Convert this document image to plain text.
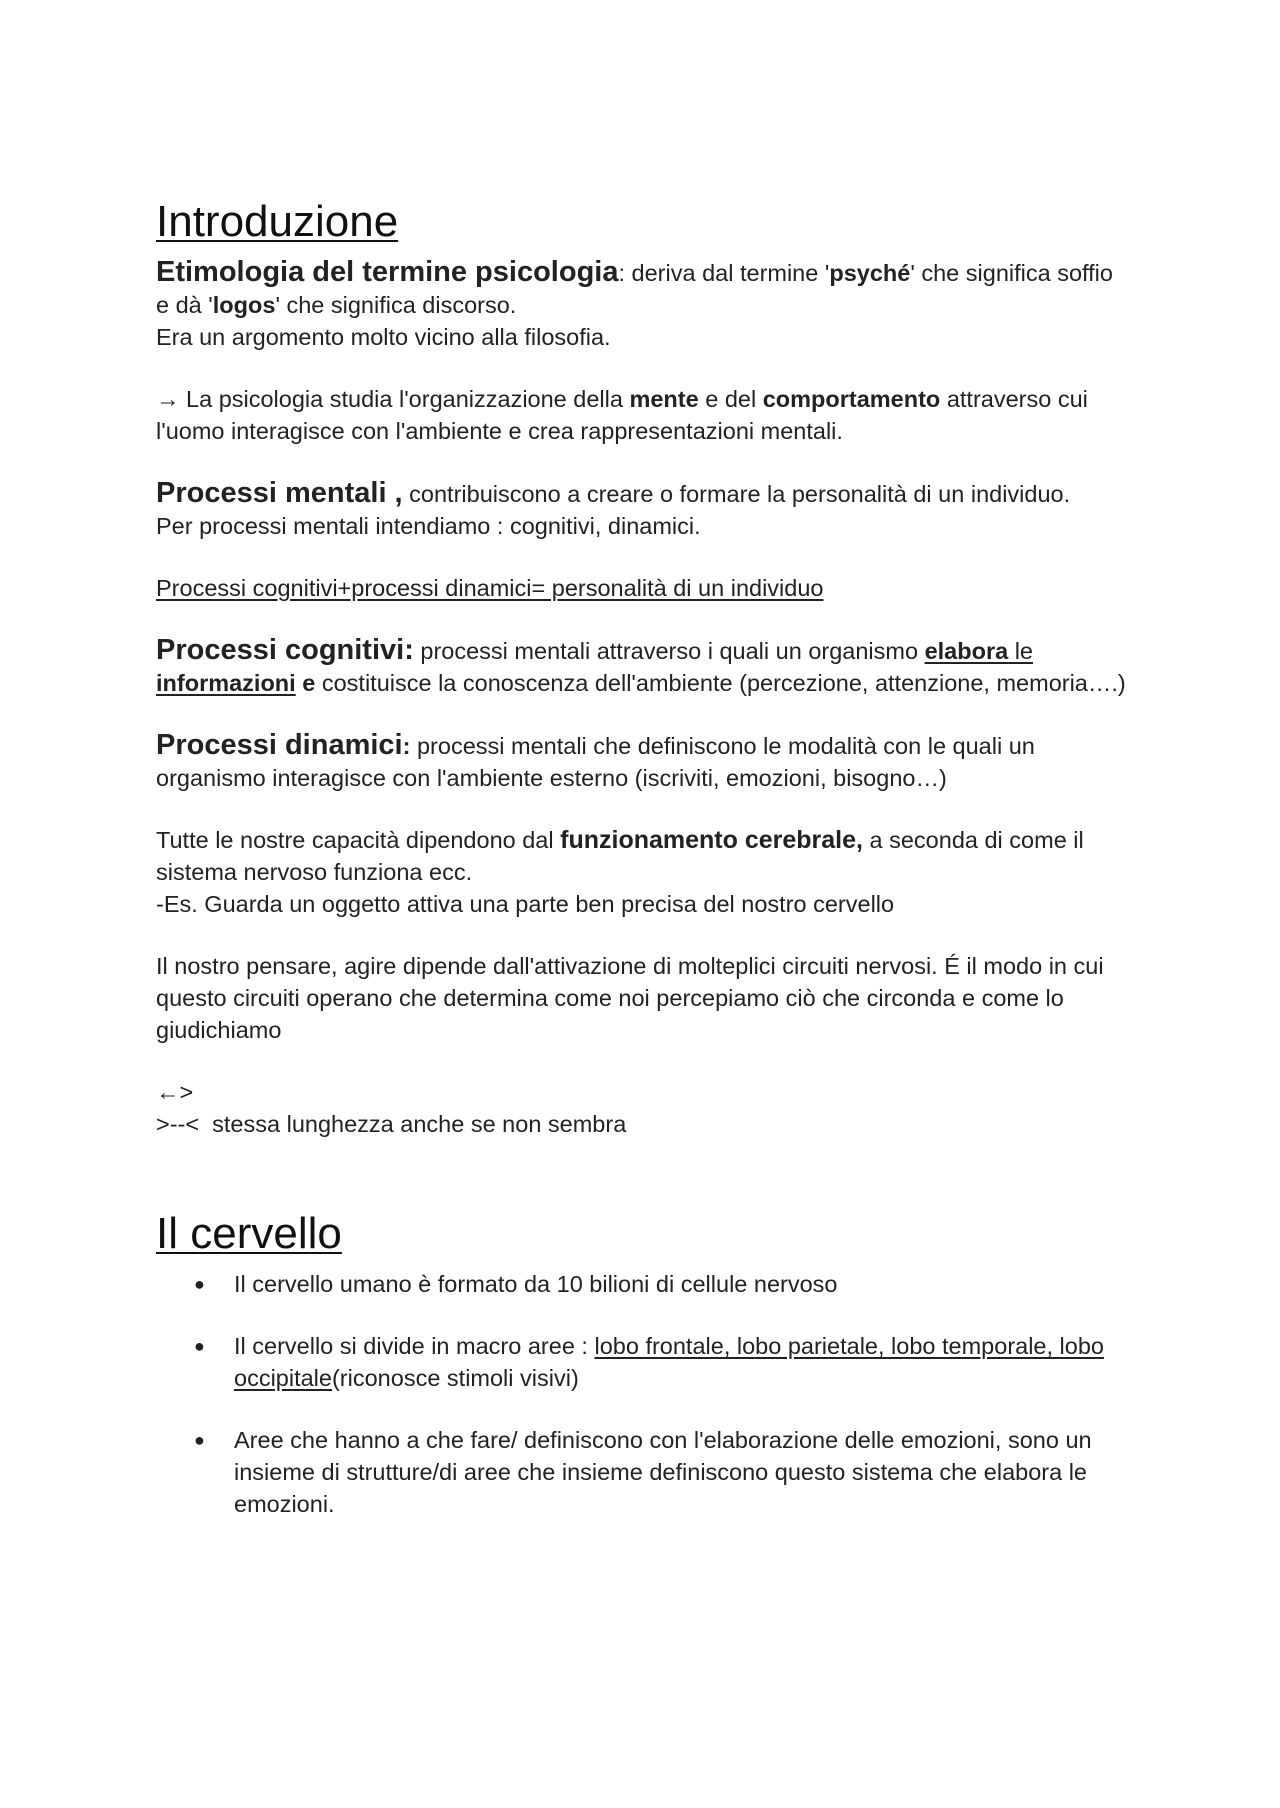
Introduzione

Etimologia del termine psicologia: deriva dal termine 'psyché' che significa soffio e dà 'logos' che significa discorso.
Era un argomento molto vicino alla filosofia.

→ La psicologia studia l'organizzazione della mente e del comportamento attraverso cui l'uomo interagisce con l'ambiente e crea rappresentazioni mentali.

Processi mentali , contribuiscono a creare o formare la personalità di un individuo.
Per processi mentali intendiamo : cognitivi, dinamici.

Processi cognitivi+processi dinamici= personalità di un individuo

Processi cognitivi: processi mentali attraverso i quali un organismo elabora le informazioni e costituisce la conoscenza dell'ambiente (percezione, attenzione, memoria….)

Processi dinamici: processi mentali che definiscono le modalità con le quali un organismo interagisce con l'ambiente esterno (iscriviti, emozioni, bisogno…)

Tutte le nostre capacità dipendono dal funzionamento cerebrale, a seconda di come il sistema nervoso funziona ecc.
-Es. Guarda un oggetto attiva una parte ben precisa del nostro cervello

Il nostro pensare, agire dipende dall'attivazione di molteplici circuiti nervosi. É il modo in cui questo circuiti operano che determina come noi percepiamo ciò che circonda e come lo giudichiamo

←>
>--<  stessa lunghezza anche se non sembra

Il cervello
● Il cervello umano è formato da 10 bilioni di cellule nervoso
● Il cervello si divide in macro aree : lobo frontale, lobo parietale, lobo temporale, lobo occipitale(riconosce stimoli visivi)
● Aree che hanno a che fare/ definiscono con l'elaborazione delle emozioni, sono un insieme di strutture/di aree che insieme definiscono questo sistema che elabora le emozioni.
